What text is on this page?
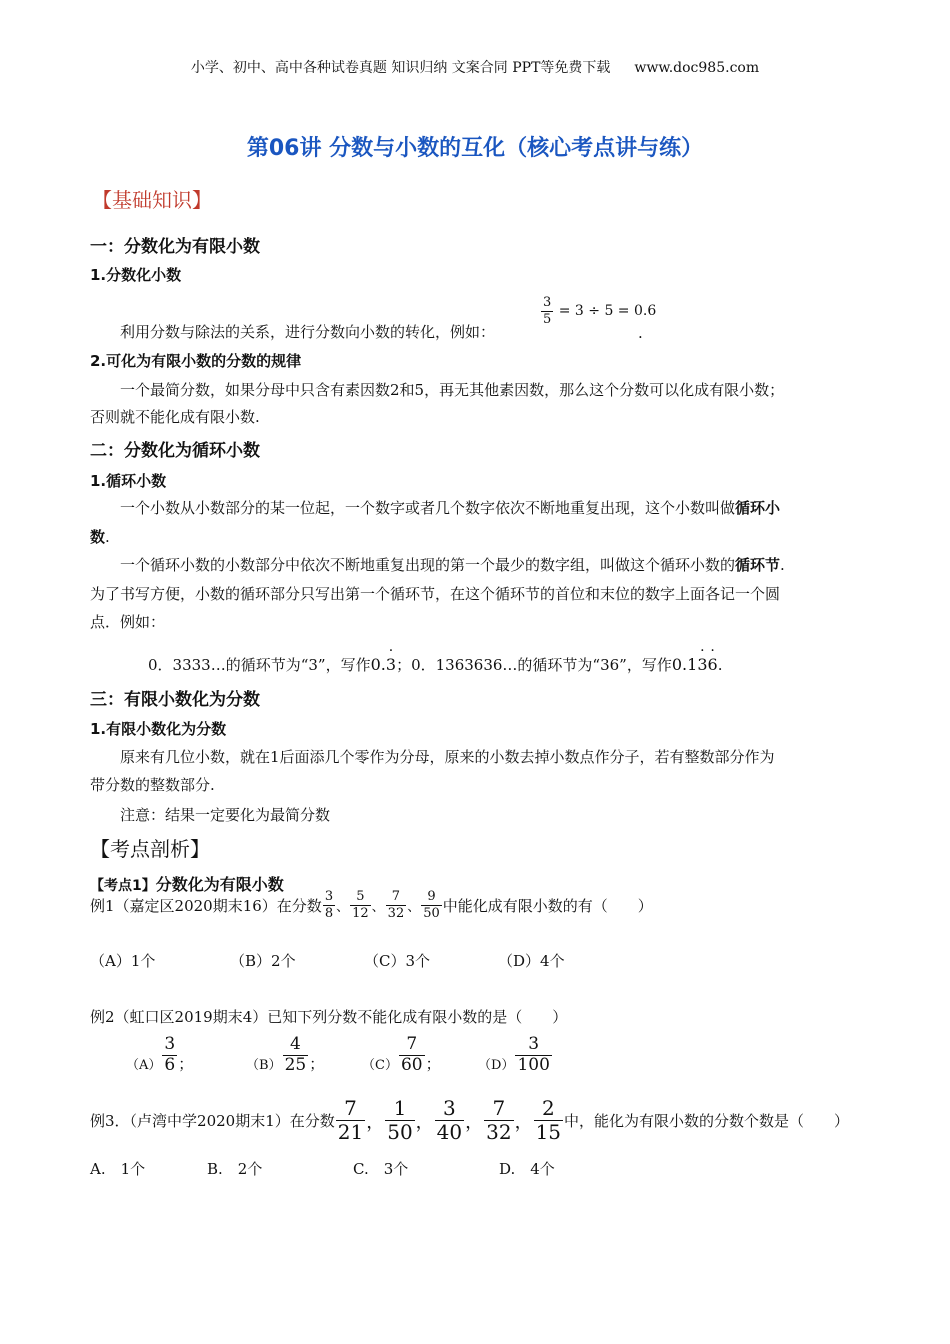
小学、初中、高中各种试卷真题 知识归纳 文案合同 PPT等免费下载 www.doc985.com
第06讲 分数与小数的互化（核心考点讲与练）
【基础知识】
一：分数化为有限小数
1.分数化小数
$\frac{3}{5} = 3 \div 5 = 0.6$
利用分数与除法的关系，进行分数向小数的转化，例如：	.
2.可化为有限小数的分数的规律
一个最简分数，如果分母中只含有素因数2和5，再无其他素因数，那么这个分数可以化成有限小数；
否则就不能化成有限小数.
二：分数化为循环小数
1.循环小数
一个小数从小数部分的某一位起，一个数字或者几个数字依次不断地重复出现，这个小数叫做循环小
数.
一个循环小数的小数部分中依次不断地重复出现的第一个最少的数字组，叫做这个循环小数的循环节.
为了书写方便，小数的循环部分只写出第一个循环节，在这个循环节的首位和末位的数字上面各记一个圆
点．例如：
0．3333…的循环节为“3”，写作0.3 ·；0．1363636…的循环节为“36”，写作0.13 ·6 ·.
三：有限小数化为分数
1.有限小数化为分数
原来有几位小数，就在1后面添几个零作为分母，原来的小数去掉小数点作分子，若有整数部分作为
带分数的整数部分.
注意：结果一定要化为最简分数
【考点剖析】
【考点1】分数化为有限小数
例1（嘉定区2020期末16）在分数 $\frac{3}{8}$ 、 $\frac{5}{12}$ 、 $\frac{7}{32}$ 、 $\frac{9}{50}$ 中能化成有限小数的有（　　）
（A）1个	（B）2个	（C）3个	（D）4个
例2（虹口区2019期末4）已知下列分数不能化成有限小数的是（　　）
$(A) \frac{3}{6}$ ；	$(B) \frac{4}{25}$ ；	$(C) \frac{7}{60}$ ；	$(D) \frac{3}{100}$
例3．（卢湾中学2020期末1）在分数 $\frac{7}{21}$ ， $\frac{1}{50}$ ， $\frac{3}{40}$ ， $\frac{7}{32}$ ， $\frac{2}{15}$ 中，能化为有限小数的分数个数是（　　）
A.　1个	B.　2个	C.　3个	D.　4个
